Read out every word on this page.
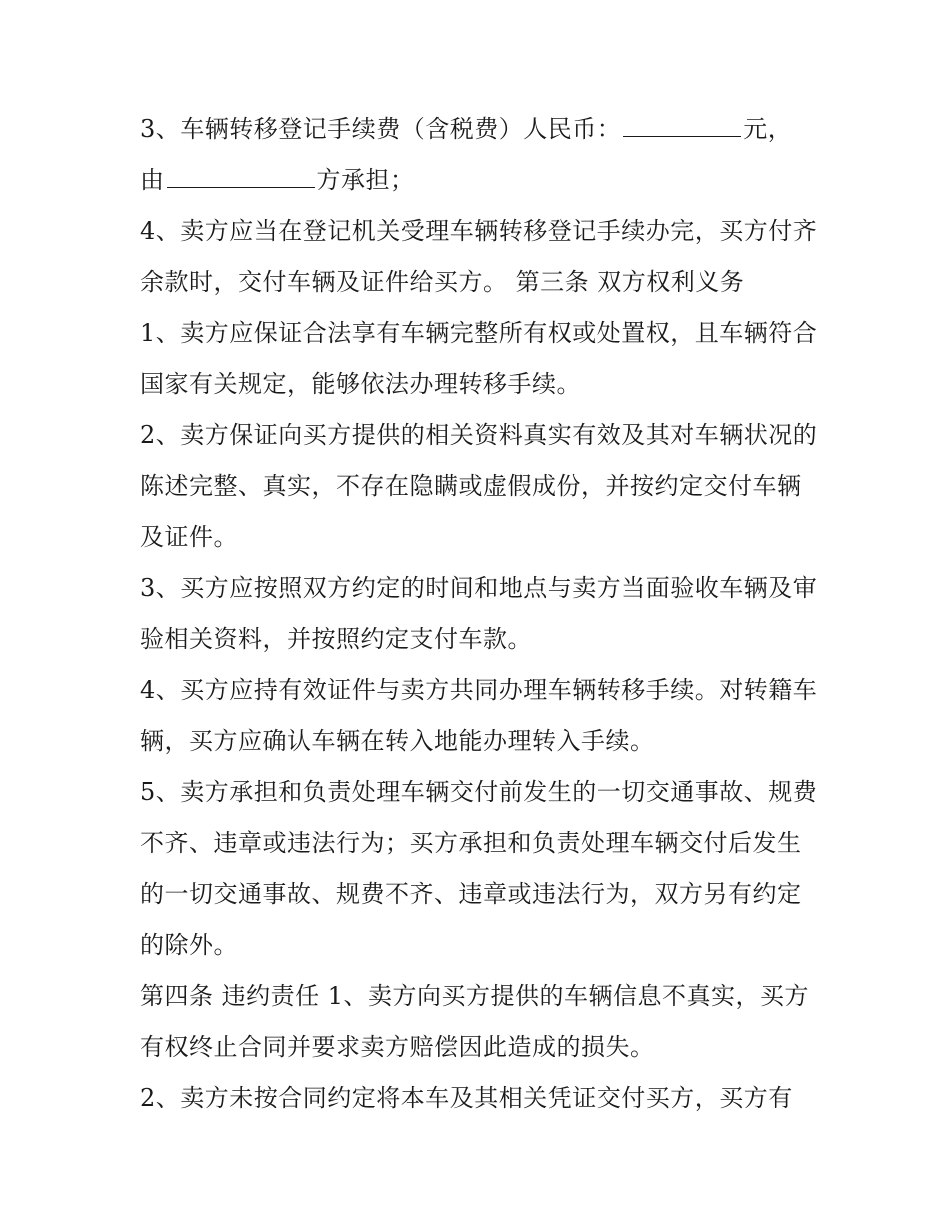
3、车辆转移登记手续费（含税费）人民币：	元，

由	方承担；

4、卖方应当在登记机关受理车辆转移登记手续办完，买方付齐余款时，交付车辆及证件给买方。 第三条 双方权利义务

1、卖方应保证合法享有车辆完整所有权或处置权，且车辆符合国家有关规定，能够依法办理转移手续。

2、卖方保证向买方提供的相关资料真实有效及其对车辆状况的陈述完整、真实，不存在隐瞒或虚假成份，并按约定交付车辆及证件。

3、买方应按照双方约定的时间和地点与卖方当面验收车辆及审验相关资料，并按照约定支付车款。

4、买方应持有效证件与卖方共同办理车辆转移手续。对转籍车辆，买方应确认车辆在转入地能办理转入手续。

5、卖方承担和负责处理车辆交付前发生的一切交通事故、规费不齐、违章或违法行为；买方承担和负责处理车辆交付后发生的一切交通事故、规费不齐、违章或违法行为，双方另有约定的除外。

第四条 违约责任 1、卖方向买方提供的车辆信息不真实，买方有权终止合同并要求卖方赔偿因此造成的损失。

2、卖方未按合同约定将本车及其相关凭证交付买方，买方有
